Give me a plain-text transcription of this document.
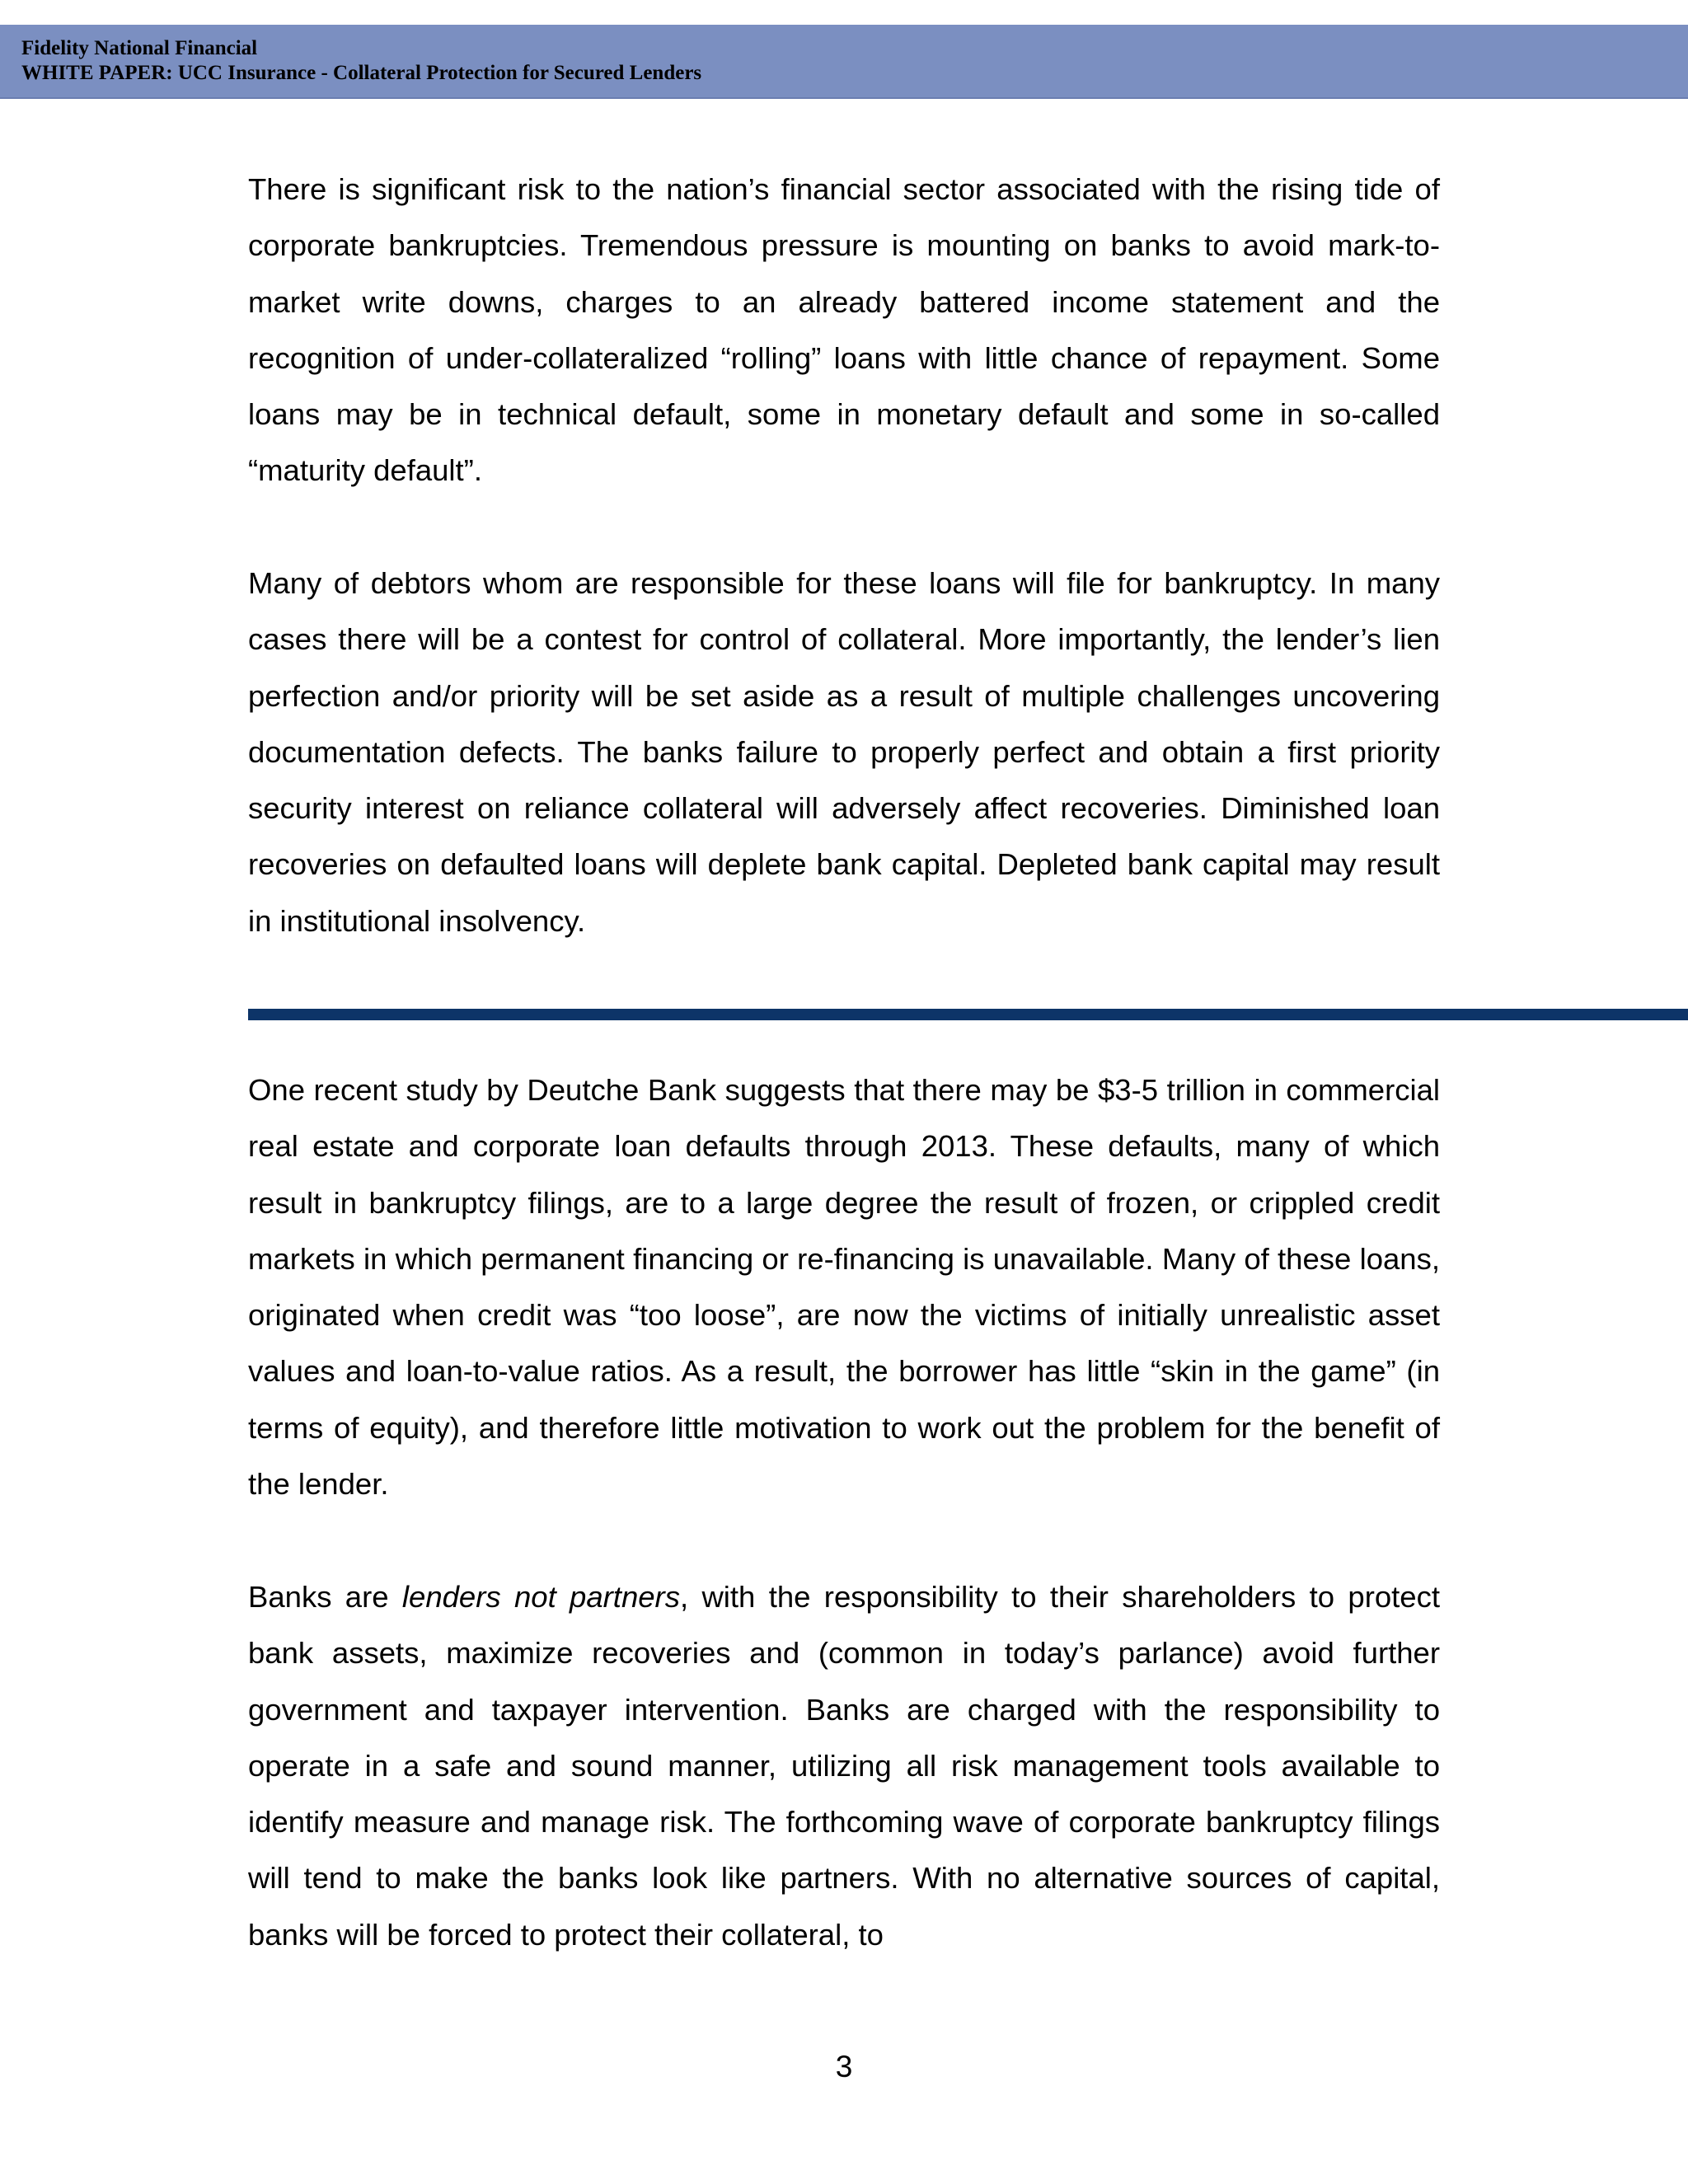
Fidelity National Financial
WHITE PAPER: UCC Insurance - Collateral Protection for Secured Lenders

There is significant risk to the nation’s financial sector associated with the rising tide of corporate bankruptcies. Tremendous pressure is mounting on banks to avoid mark-to-market write downs, charges to an already battered income statement and the recognition of under-collateralized “rolling” loans with little chance of repayment. Some loans may be in technical default, some in monetary default and some in so-called “maturity default”.

Many of debtors whom are responsible for these loans will file for bankruptcy. In many cases there will be a contest for control of collateral. More importantly, the lender’s lien perfection and/or priority will be set aside as a result of multiple challenges uncovering documentation defects. The banks failure to properly perfect and obtain a first priority security interest on reliance collateral will adversely affect recoveries. Diminished loan recoveries on defaulted loans will deplete bank capital. Depleted bank capital may result in institutional insolvency.

One recent study by Deutche Bank suggests that there may be $3-5 trillion in commercial real estate and corporate loan defaults through 2013. These defaults, many of which result in bankruptcy filings, are to a large degree the result of frozen, or crippled credit markets in which permanent financing or re-financing is unavailable. Many of these loans, originated when credit was “too loose”, are now the victims of initially unrealistic asset values and loan-to-value ratios. As a result, the borrower has little “skin in the game” (in terms of equity), and therefore little motivation to work out the problem for the benefit of the lender.

Banks are lenders not partners, with the responsibility to their shareholders to protect bank assets, maximize recoveries and (common in today’s parlance) avoid further government and taxpayer intervention. Banks are charged with the responsibility to operate in a safe and sound manner, utilizing all risk management tools available to identify measure and manage risk. The forthcoming wave of corporate bankruptcy filings will tend to make the banks look like partners. With no alternative sources of capital, banks will be forced to protect their collateral, to

3
